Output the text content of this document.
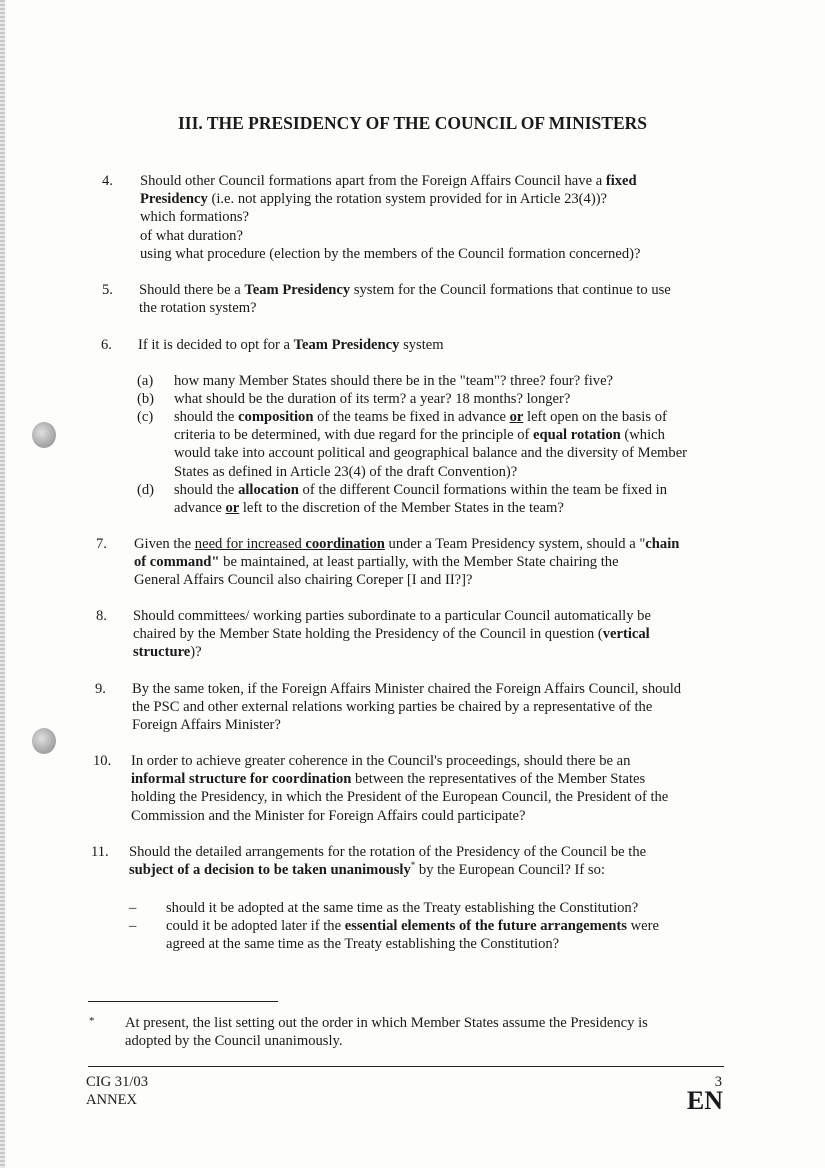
III. THE PRESIDENCY OF THE COUNCIL OF MINISTERS
4. Should other Council formations apart from the Foreign Affairs Council have a fixed

Presidency (i.e. not applying the rotation system provided for in Article 23(4))?

which formations?

of what duration?

using what procedure (election by the members of the Council formation concerned)?

5. Should there be a Team Presidency system for the Council formations that continue to use

the rotation system?

6. If it is decided to opt for a Team Presidency system

(a) how many Member States should there be in the "team"? three? four? five?
(b) what should be the duration of its term? a year? 18 months? longer?
(c) should the composition of the teams be fixed in advance or left open on the basis of

criteria to be determined, with due regard for the principle of equal rotation (which

would take into account political and geographical balance and the diversity of Member

States as defined in Article 23(4) of the draft Convention)?

(d) should the allocation of the different Council formations within the team be fixed in

advance or left to the discretion of the Member States in the team?

7. Given the need for increased coordination under a Team Presidency system, should a "chain

of command" be maintained, at least partially, with the Member State chairing the

General Affairs Council also chairing Coreper [I and II?]?

8. Should committees/ working parties subordinate to a particular Council automatically be

chaired by the Member State holding the Presidency of the Council in question (vertical

structure)?

9. By the same token, if the Foreign Affairs Minister chaired the Foreign Affairs Council, should

the PSC and other external relations working parties be chaired by a representative of the

Foreign Affairs Minister?

10. In order to achieve greater coherence in the Council's proceedings, should there be an

informal structure for coordination between the representatives of the Member States

holding the Presidency, in which the President of the European Council, the President of the

Commission and the Minister for Foreign Affairs could participate?

11. Should the detailed arrangements for the rotation of the Presidency of the Council be the

subject of a decision to be taken unanimously* by the European Council? If so:

– should it be adopted at the same time as the Treaty establishing the Constitution?
– could it be adopted later if the essential elements of the future arrangements were

agreed at the same time as the Treaty establishing the Constitution?

* At present, the list setting out the order in which Member States assume the Presidency is

adopted by the Council unanimously.

CIG 31/03
ANNEX
3
EN
